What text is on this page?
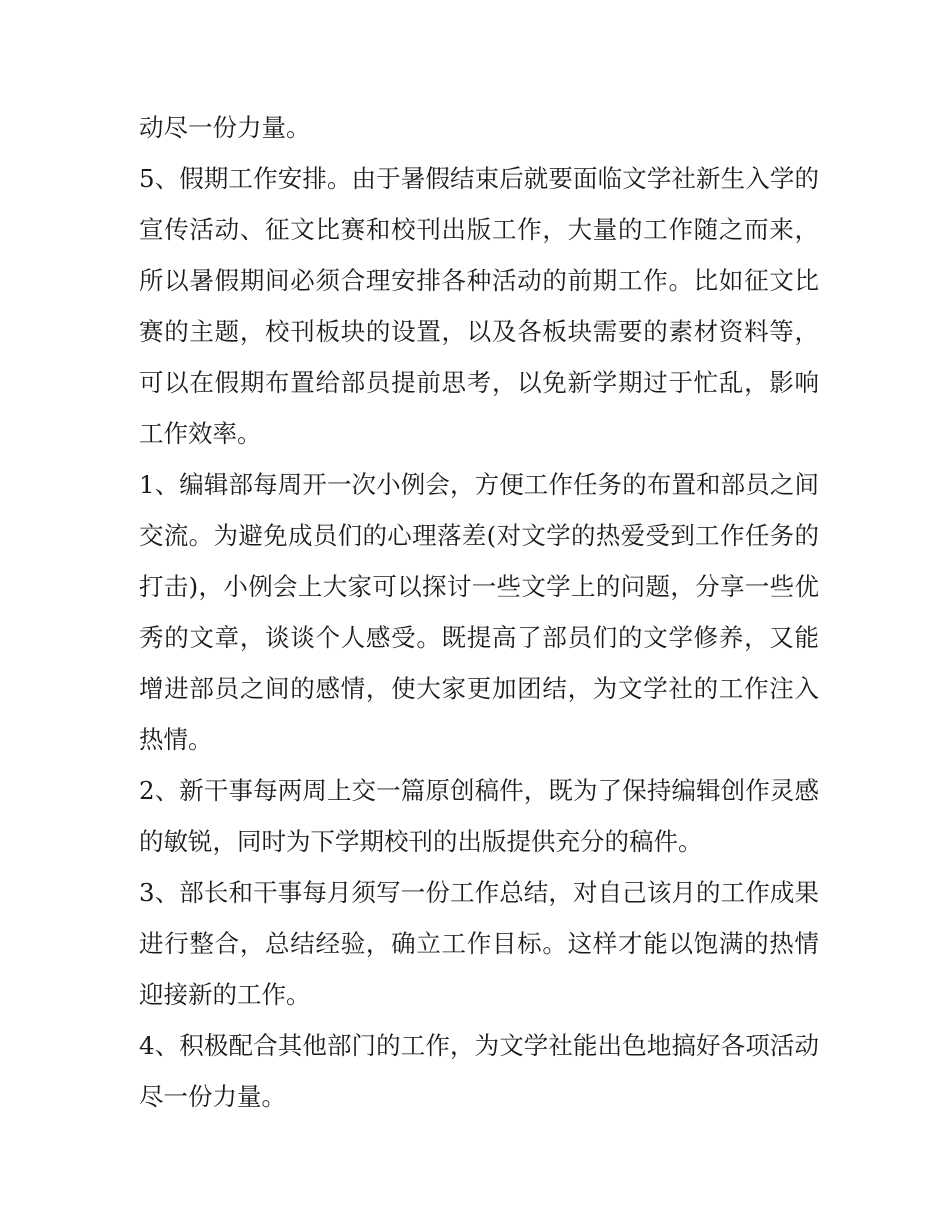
动尽一份力量。

5、假期工作安排。由于暑假结束后就要面临文学社新生入学的宣传活动、征文比赛和校刊出版工作，大量的工作随之而来，所以暑假期间必须合理安排各种活动的前期工作。比如征文比赛的主题，校刊板块的设置，以及各板块需要的素材资料等，可以在假期布置给部员提前思考，以免新学期过于忙乱，影响工作效率。

1、编辑部每周开一次小例会，方便工作任务的布置和部员之间交流。为避免成员们的心理落差(对文学的热爱受到工作任务的打击)，小例会上大家可以探讨一些文学上的问题，分享一些优秀的文章，谈谈个人感受。既提高了部员们的文学修养，又能增进部员之间的感情，使大家更加团结，为文学社的工作注入热情。

2、新干事每两周上交一篇原创稿件，既为了保持编辑创作灵感的敏锐，同时为下学期校刊的出版提供充分的稿件。

3、部长和干事每月须写一份工作总结，对自己该月的工作成果进行整合，总结经验，确立工作目标。这样才能以饱满的热情迎接新的工作。

4、积极配合其他部门的工作，为文学社能出色地搞好各项活动尽一份力量。
